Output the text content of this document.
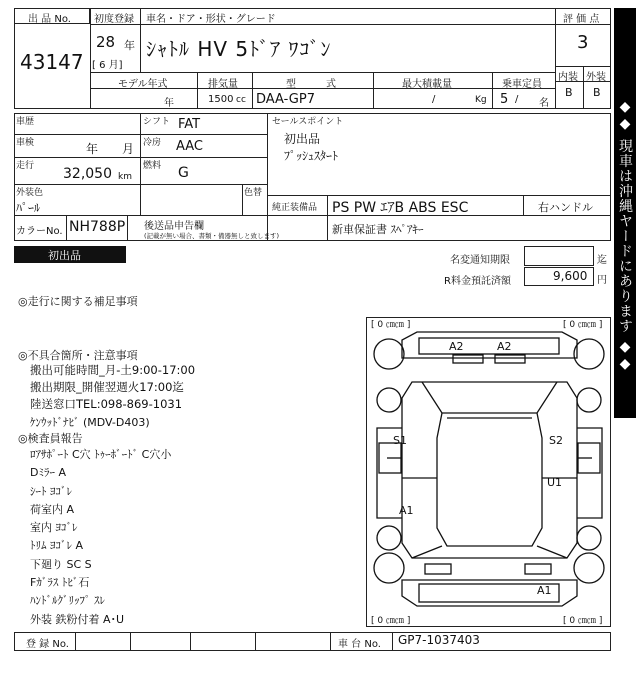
出 品 No.
43147
初度登録 車名・ドア・形状・グレード
28 年
[ 6 月]
ｼｬﾄﾙ HV 5ﾄﾞｱ ﾜｺﾞﾝ
評 価 点
3
内装 外装
B B
モデル年式
年
排気量
1500 cc
型　　　式
DAA-GP7
最大積載量
/	Kg
乗車定員
5 / 名
車歴	シフト FAT
車検	年 月 冷房 AAC
走行 32,050 km
燃料 G
外装色
ﾊﾟｰﾙ
色替
カラーNo. NH788P 後送品申告欄
(記載が無い場合、書類・備器無しと致します)
セールスポイント
初出品
ﾌﾟｯｼｭｽﾀｰﾄ
純正装備品 PS PW ｴｱB ABS ESC	右ハンドル
新車保証書 ｽﾍﾟｱｷｰ
初出品	名変通知期限	迄
R料金預託済額	9,600 円
◎走行に関する補足事項
◎不具合箇所・注意事項
搬出可能時間_月-土9:00-17:00
搬出期限_開催翌週火17:00迄
陸送窓口TEL:098-869-1031
ｹﾝｳｯﾄﾞﾅﾋﾞ (MDV-D403)
◎検査員報告
ﾛｱｻﾎﾟｰﾄ C穴 ﾄｩｰﾎﾞｰﾄﾞ C穴小
Dﾐﾗｰ A
ｼｰﾄ ﾖｺﾞﾚ
荷室内 A
室内 ﾖｺﾞﾚ
ﾄﾘﾑ ﾖｺﾞﾚ A
下廻り SC S
Fｶﾞﾗｽ ﾄﾋﾞ石
ﾊﾝﾄﾞﾙｸﾞﾘｯﾌﾟ ｽﾚ
外装 鉄粉付着 A･U
[ 0 ㎝㎝ ]	[ 0 ㎝㎝ ]
[ 0 ㎝㎝ ]	[ 0 ㎝㎝ ]
A2	A2
S1	S2
U1
A1
A1
登 録 No.	車 台 No. GP7-1037403
◆◆ 現車は沖縄ヤードにあります ◆◆
